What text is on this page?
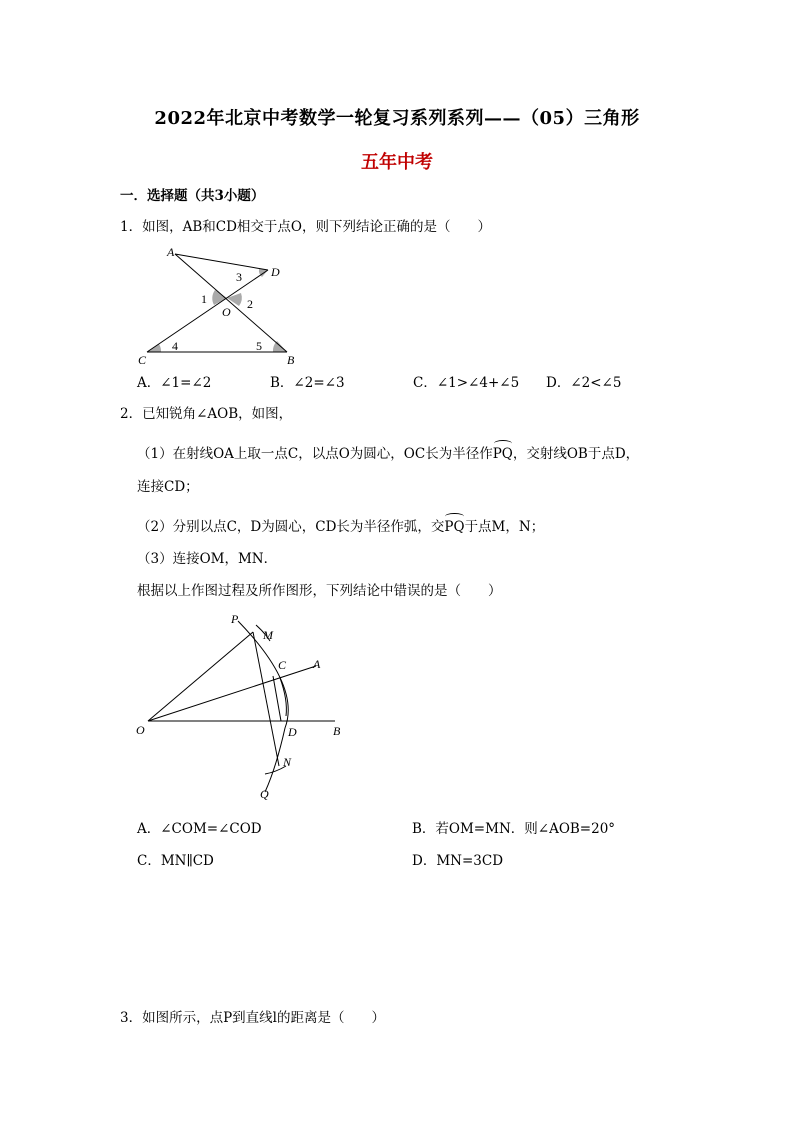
2022年北京中考数学一轮复习系列系列——（05）三角形
五年中考
一．选择题（共3小题）
1．如图，AB和CD相交于点O，则下列结论正确的是（　　）
A
D
O
C	B
1	2
3
4	5
A．∠1=∠2	B．∠2=∠3	C．∠1>∠4+∠5 D．∠2<∠5
2．已知锐角∠AOB，如图，
（1）在射线OA上取一点C，以点O为圆心，OC长为半径作PQ，交射线OB于点D，
连接CD；
（2）分别以点C，D为圆心，CD长为半径作弧，交PQ于点M，N；
（3）连接OM，MN．
根据以上作图过程及所作图形，下列结论中错误的是（　　）
P
M
C A
O	D	B
N
Q
A．∠COM=∠COD	B．若OM=MN．则∠AOB=20°
C．MN∥CD	D．MN=3CD
3．如图所示，点P到直线l的距离是（　　）
